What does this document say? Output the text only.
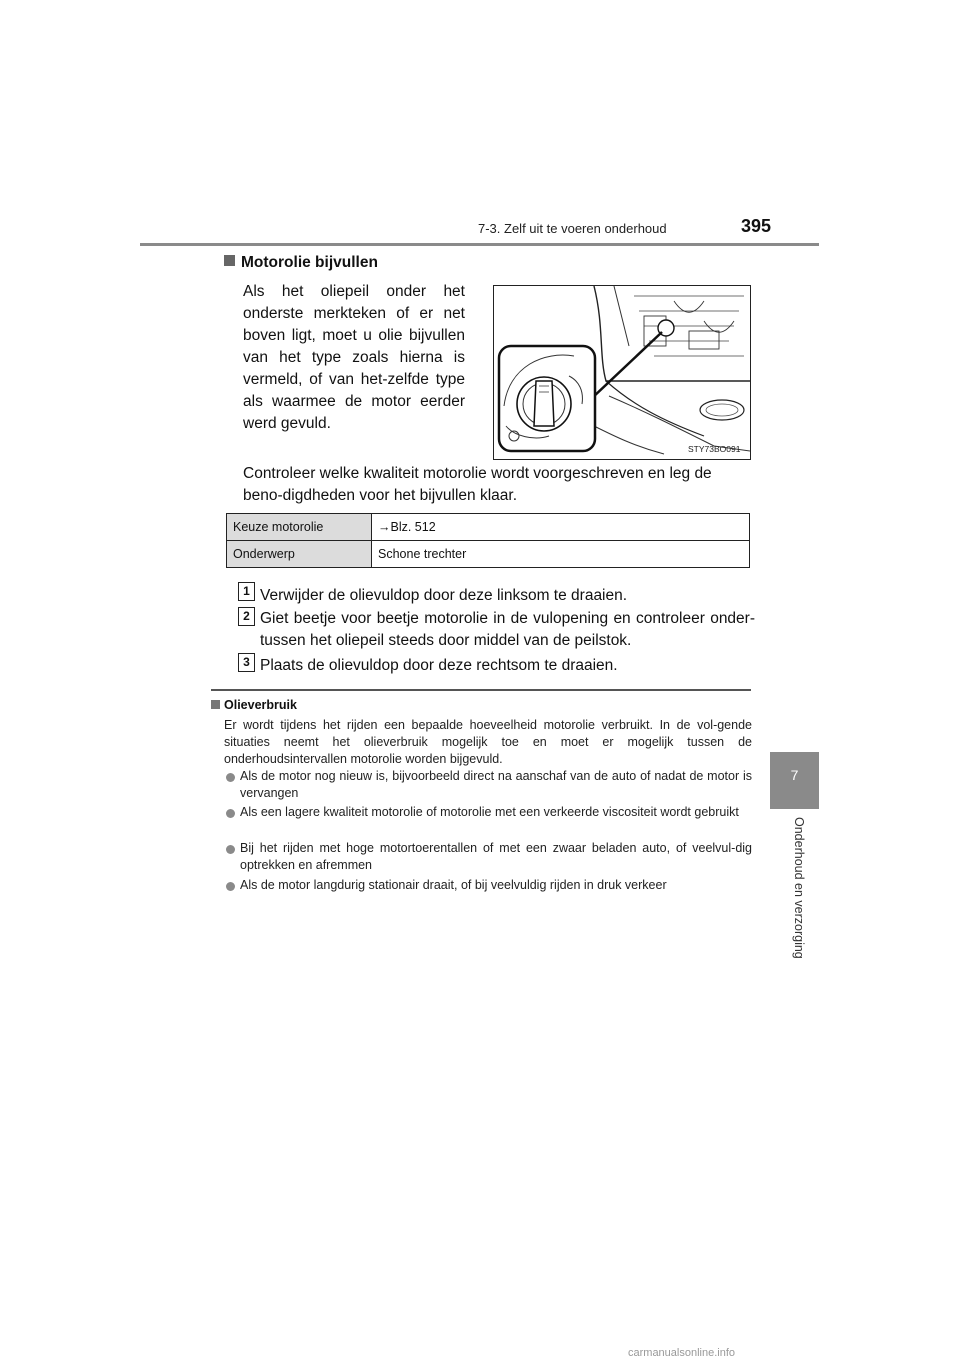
7-3. Zelf uit te voeren onderhoud	395
7
Onderhoud en verzorging
Motorolie bijvullen
Als het oliepeil onder het onderste merkteken of er net boven ligt, moet u olie bijvullen van het type zoals hierna is vermeld, of van het-zelfde type als waarmee de motor eerder werd gevuld.
STY73BO091
Controleer welke kwaliteit motorolie wordt voorgeschreven en leg de beno-digdheden voor het bijvullen klaar.
Keuze motorolie	→Blz. 512
Onderwerp	Schone trechter
1 Verwijder de olievuldop door deze linksom te draaien.
2 Giet beetje voor beetje motorolie in de vulopening en controleer onder-tussen het oliepeil steeds door middel van de peilstok.
3 Plaats de olievuldop door deze rechtsom te draaien.
Olieverbruik
Er wordt tijdens het rijden een bepaalde hoeveelheid motorolie verbruikt. In de vol-gende situaties neemt het olieverbruik mogelijk toe en moet er mogelijk tussen de onderhoudsintervallen motorolie worden bijgevuld.
Als de motor nog nieuw is, bijvoorbeeld direct na aanschaf van de auto of nadat de motor is vervangen
Als een lagere kwaliteit motorolie of motorolie met een verkeerde viscositeit wordt gebruikt
Bij het rijden met hoge motortoerentallen of met een zwaar beladen auto, of veelvul-dig optrekken en afremmen
Als de motor langdurig stationair draait, of bij veelvuldig rijden in druk verkeer
carmanualsonline.info
